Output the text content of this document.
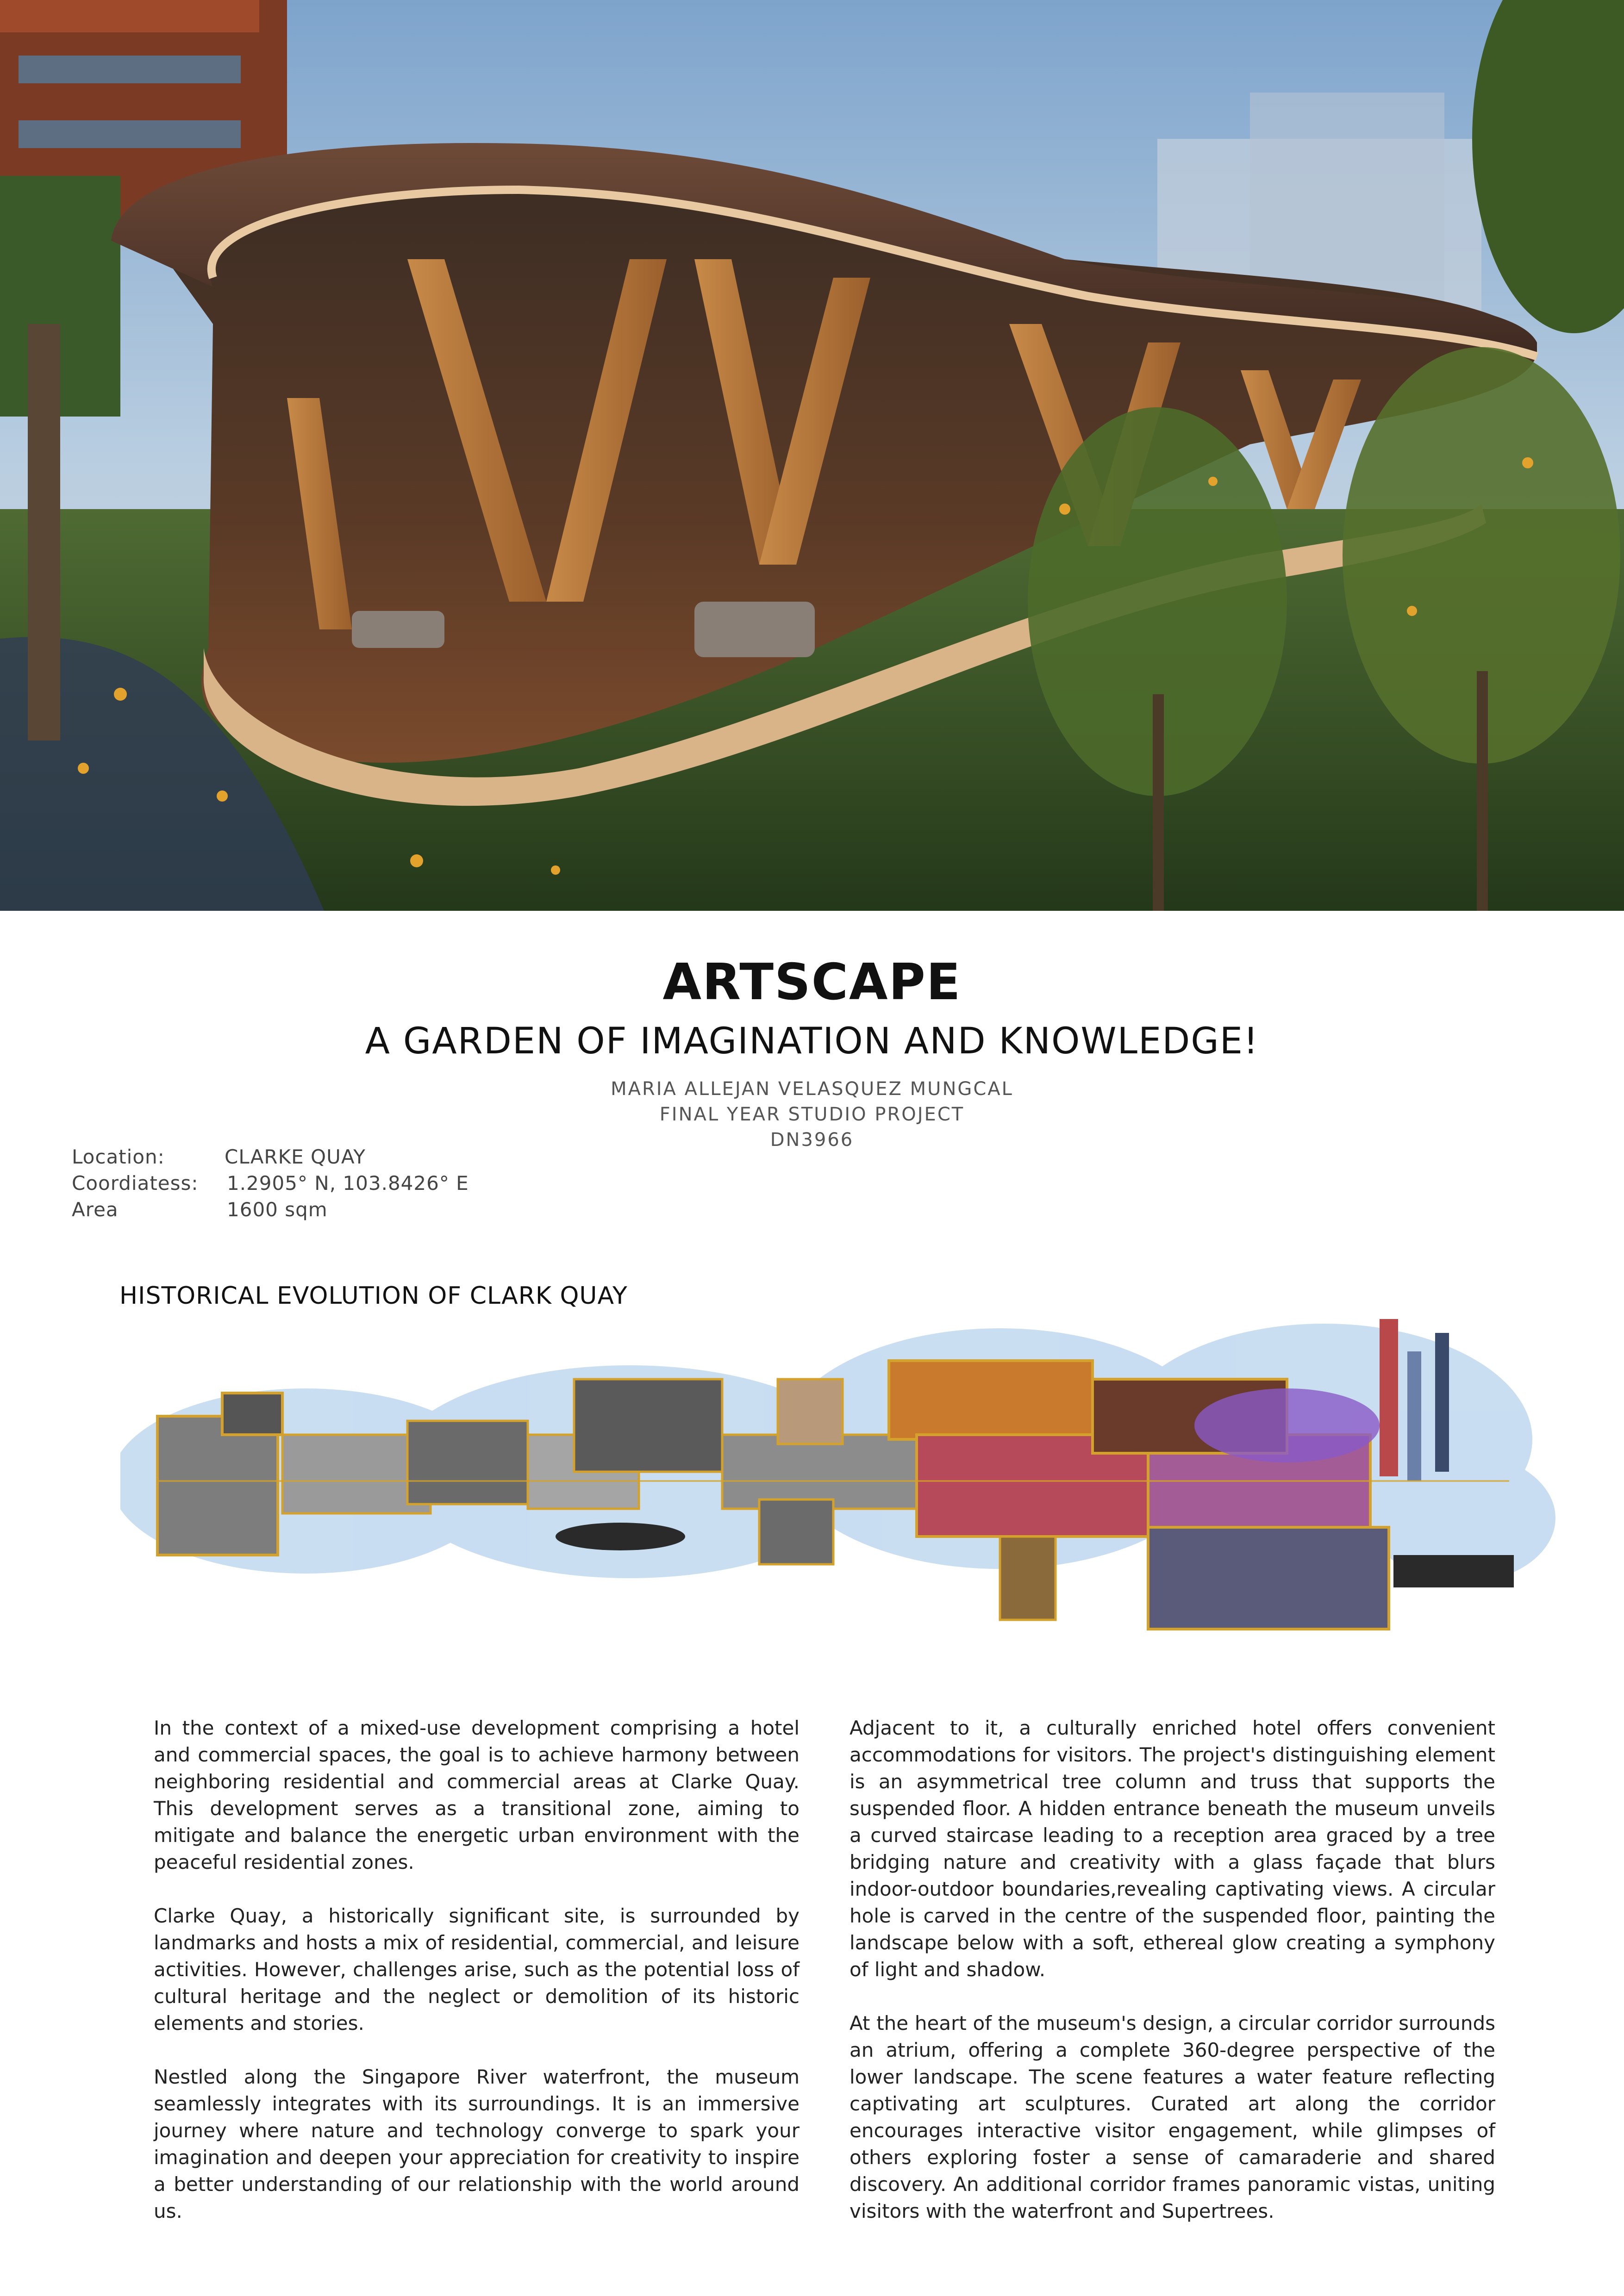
ARTSCAPE
A GARDEN OF IMAGINATION AND KNOWLEDGE!
MARIA ALLEJAN VELASQUEZ MUNGCAL
FINAL YEAR STUDIO PROJECT
DN3966
Location:	CLARKE QUAY
Coordiatess: 1.2905° N, 103.8426° E
Area	1600 sqm
HISTORICAL EVOLUTION OF CLARK QUAY

In the context of a mixed-use development comprising a hotel and commercial spaces, the goal is to achieve harmony between neighboring residential and commercial areas at Clarke Quay. This development serves as a transitional zone, aiming to mitigate and balance the energetic urban environment with the peaceful residential zones.

Clarke Quay, a historically significant site, is surrounded by landmarks and hosts a mix of residential, commercial, and leisure activities. However, challenges arise, such as the potential loss of cultural heritage and the neglect or demolition of its historic elements and stories.

Nestled along the Singapore River waterfront, the museum seamlessly integrates with its surroundings. It is an immersive journey where nature and technology converge to spark your imagination and deepen your appreciation for creativity to inspire a better understanding of our relationship with the world around us.

Adjacent to it, a culturally enriched hotel offers convenient accommodations for visitors. The project's distinguishing element is an asymmetrical tree column and truss that supports the suspended floor. A hidden entrance beneath the museum unveils a curved staircase leading to a reception area graced by a tree bridging nature and creativity with a glass façade that blurs indoor-outdoor boundaries,revealing captivating views. A circular hole is carved in the centre of the suspended floor, painting the landscape below with a soft, ethereal glow creating a symphony of light and shadow.

At the heart of the museum's design, a circular corridor surrounds an atrium, offering a complete 360-degree perspective of the lower landscape. The scene features a water feature reflecting captivating art sculptures. Curated art along the corridor encourages interactive visitor engagement, while glimpses of others exploring foster a sense of camaraderie and shared discovery. An additional corridor frames panoramic vistas, uniting visitors with the waterfront and Supertrees.
